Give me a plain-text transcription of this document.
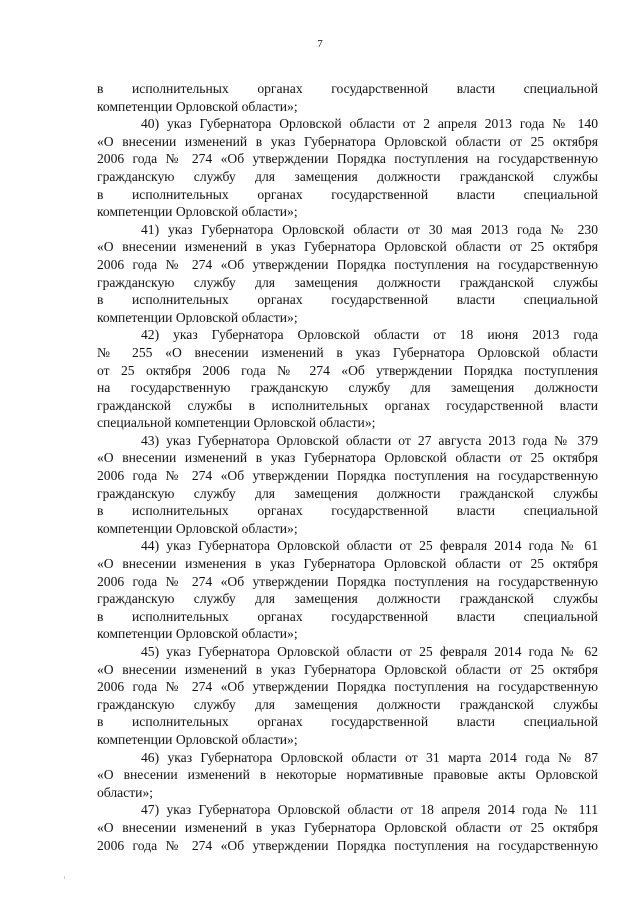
7
в исполнительных органах государственной власти специальной
компетенции Орловской области»;
40) указ Губернатора Орловской области от 2 апреля 2013 года № 140
«О внесении изменений в указ Губернатора Орловской области от 25 октября
2006 года № 274 «Об утверждении Порядка поступления на государственную
гражданскую службу для замещения должности гражданской службы
в исполнительных органах государственной власти специальной
компетенции Орловской области»;
41) указ Губернатора Орловской области от 30 мая 2013 года № 230
«О внесении изменений в указ Губернатора Орловской области от 25 октября
2006 года № 274 «Об утверждении Порядка поступления на государственную
гражданскую службу для замещения должности гражданской службы
в исполнительных органах государственной власти специальной
компетенции Орловской области»;
42) указ Губернатора Орловской области от 18 июня 2013 года
№ 255 «О внесении изменений в указ Губернатора Орловской области
от 25 октября 2006 года № 274 «Об утверждении Порядка поступления
на государственную гражданскую службу для замещения должности
гражданской службы в исполнительных органах государственной власти
специальной компетенции Орловской области»;
43) указ Губернатора Орловской области от 27 августа 2013 года № 379
«О внесении изменений в указ Губернатора Орловской области от 25 октября
2006 года № 274 «Об утверждении Порядка поступления на государственную
гражданскую службу для замещения должности гражданской службы
в исполнительных органах государственной власти специальной
компетенции Орловской области»;
44) указ Губернатора Орловской области от 25 февраля 2014 года № 61
«О внесении изменения в указ Губернатора Орловской области от 25 октября
2006 года № 274 «Об утверждении Порядка поступления на государственную
гражданскую службу для замещения должности гражданской службы
в исполнительных органах государственной власти специальной
компетенции Орловской области»;
45) указ Губернатора Орловской области от 25 февраля 2014 года № 62
«О внесении изменений в указ Губернатора Орловской области от 25 октября
2006 года № 274 «Об утверждении Порядка поступления на государственную
гражданскую службу для замещения должности гражданской службы
в исполнительных органах государственной власти специальной
компетенции Орловской области»;
46) указ Губернатора Орловской области от 31 марта 2014 года № 87
«О внесении изменений в некоторые нормативные правовые акты Орловской
области»;
47) указ Губернатора Орловской области от 18 апреля 2014 года № 111
«О внесении изменений в указ Губернатора Орловской области от 25 октября
2006 года № 274 «Об утверждении Порядка поступления на государственную
